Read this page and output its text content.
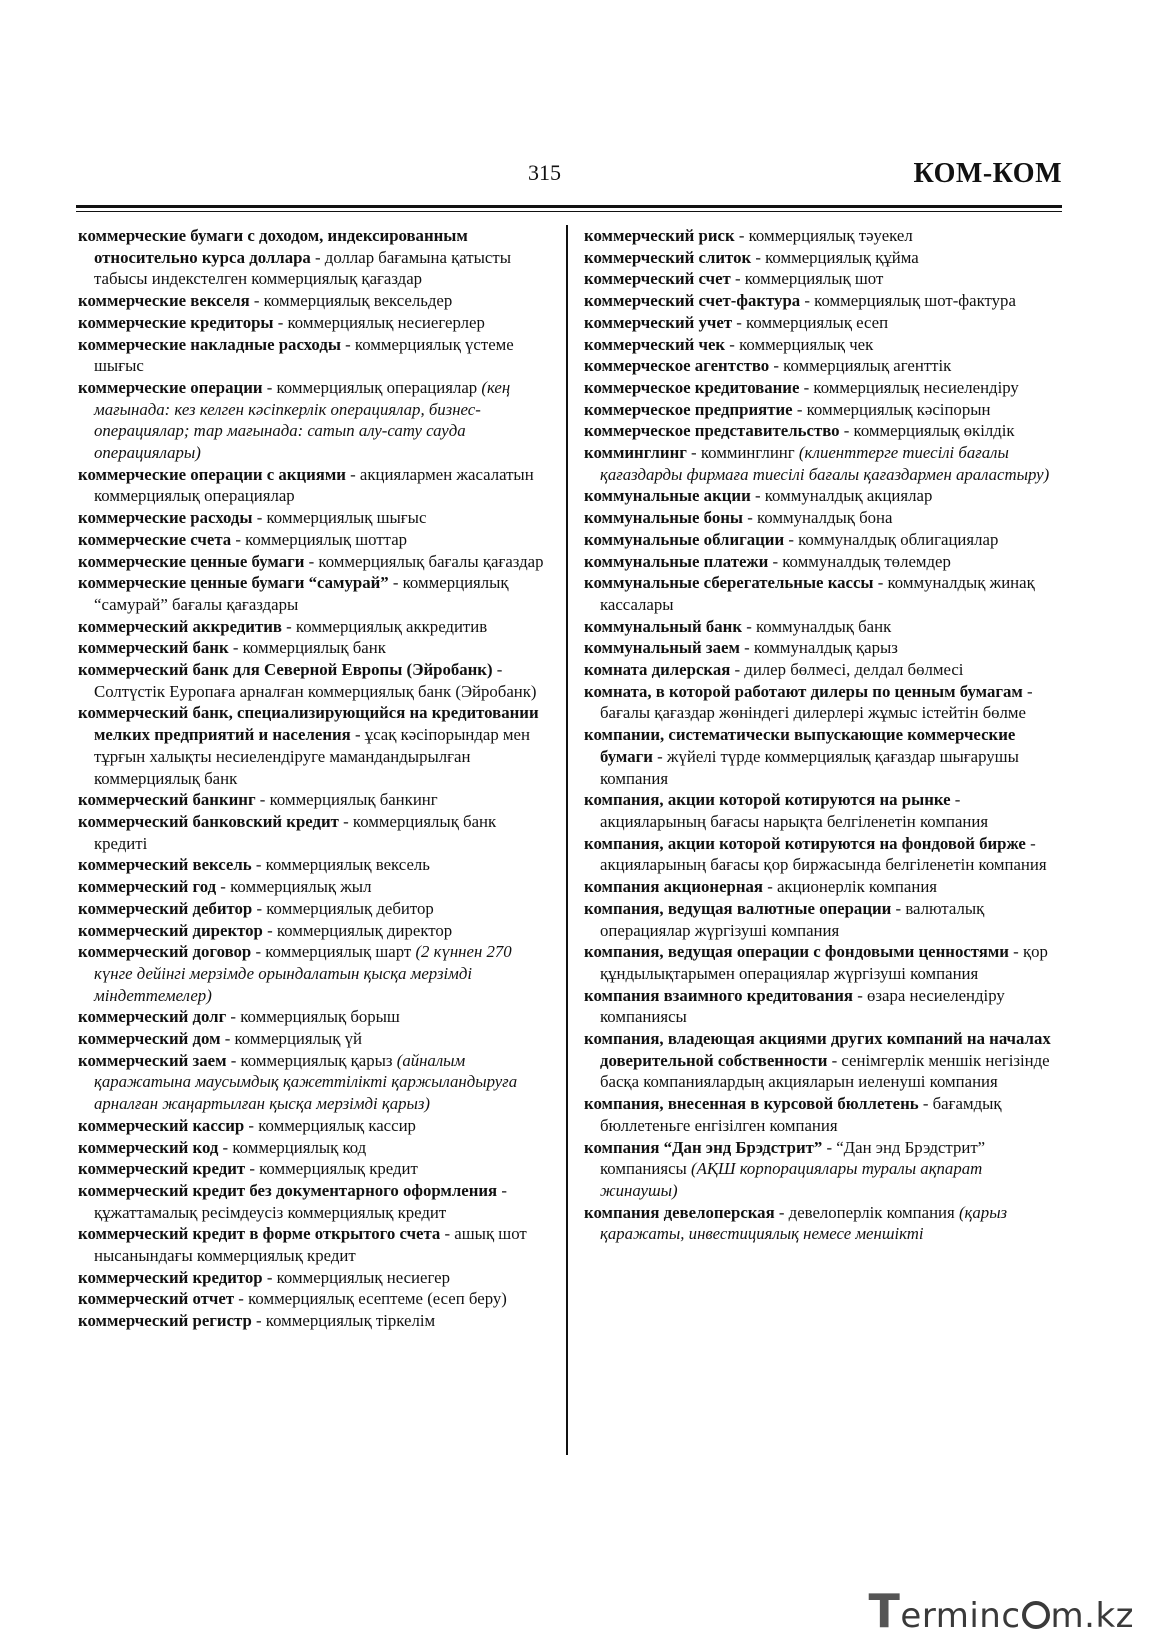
315	КОМ-КОМ

коммерческие бумаги с доходом, индексированным относительно курса доллара - доллар бағамына қатысты табысы индекстелген коммерциялық қағаздар

коммерческие векселя - коммерциялық вексельдер

коммерческие кредиторы - коммерциялық несиегерлер

коммерческие накладные расходы - коммерциялық үстеме шығыс

коммерческие операции - коммерциялық операциялар (кең мағынада: кез келген кәсіпкерлік операциялар, бизнес-операциялар; тар мағынада: сатып алу-сату сауда операциялары)

коммерческие операции с акциями - акциялармен жасалатын коммерциялық операциялар

коммерческие расходы - коммерциялық шығыс

коммерческие счета - коммерциялық шоттар

коммерческие ценные бумаги - коммерциялық бағалы қағаздар

коммерческие ценные бумаги “самурай” - коммерциялық “самурай” бағалы қағаздары

коммерческий аккредитив - коммерциялық аккредитив

коммерческий банк - коммерциялық банк

коммерческий банк для Северной Европы (Эйробанк) - Солтүстік Еуропаға арналған коммерциялық банк (Эйробанк)

коммерческий банк, специализирующийся на кредитовании мелких предприятий и населения - ұсақ кәсіпорындар мен тұрғын халықты несиелендіруге мамандандырылған коммерциялық банк

коммерческий банкинг - коммерциялық банкинг

коммерческий банковский кредит - коммерциялық банк кредиті

коммерческий вексель - коммерциялық вексель

коммерческий год - коммерциялық жыл

коммерческий дебитор - коммерциялық дебитор

коммерческий директор - коммерциялық директор

коммерческий договор - коммерциялық шарт (2 күннен 270 күнге дейінгі мерзімде орындалатын қысқа мерзімді міндеттемелер)

коммерческий долг - коммерциялық борыш

коммерческий дом - коммерциялық үй

коммерческий заем - коммерциялық қарыз (айналым қаражатына маусымдық қажеттілікті қаржыландыруға арналған жаңартылған қысқа мерзімді қарыз)

коммерческий кассир - коммерциялық кассир

коммерческий код - коммерциялық код

коммерческий кредит - коммерциялық кредит

коммерческий кредит без документарного оформления - құжаттамалық ресімдеусіз коммерциялық кредит

коммерческий кредит в форме открытого счета - ашық шот нысанындағы коммерциялық кредит

коммерческий кредитор - коммерциялық несиегер

коммерческий отчет - коммерциялық есептеме (есеп беру)

коммерческий регистр - коммерциялық тіркелім

коммерческий риск - коммерциялық тәуекел

коммерческий слиток - коммерциялық құйма

коммерческий счет - коммерциялық шот

коммерческий счет-фактура - коммерциялық шот-фактура

коммерческий учет - коммерциялық есеп

коммерческий чек - коммерциялық чек

коммерческое агентство - коммерциялық агенттік

коммерческое кредитование - коммерциялық несиелендіру

коммерческое предприятие - коммерциялық кәсіпорын

коммерческое представительство - коммерциялық өкілдік

комминглинг - комминглинг (клиенттерге тиесілі бағалы қағаздарды фирмаға тиесілі бағалы қағаздармен араластыру)

коммунальные акции - коммуналдық акциялар

коммунальные боны - коммуналдық бона

коммунальные облигации - коммуналдық облигациялар

коммунальные платежи - коммуналдық төлемдер

коммунальные сберегательные кассы - коммуналдық жинақ кассалары

коммунальный банк - коммуналдық банк

коммунальный заем - коммуналдық қарыз

комната дилерская - дилер бөлмесі, делдал бөлмесі

комната, в которой работают дилеры по ценным бумагам - бағалы қағаздар жөніндегі дилерлері жұмыс істейтін бөлме

компании, систематически выпускающие коммерческие бумаги - жүйелі түрде коммерциялық қағаздар шығарушы компания

компания, акции которой котируются на рынке - акцияларының бағасы нарықта белгіленетін компания

компания, акции которой котируются на фондовой бирже - акцияларының бағасы қор биржасында белгіленетін компания

компания акционерная - акционерлік компания

компания, ведущая валютные операции - валюталық операциялар жүргізуші компания

компания, ведущая операции с фондовыми ценностями - қор құндылықтарымен операциялар жүргізуші компания

компания взаимного кредитования - өзара несиелендіру компаниясы

компания, владеющая акциями других компаний на началах доверительной собственности - сенімгерлік меншік негізінде басқа компаниялардың акцияларын иеленуші компания

компания, внесенная в курсовой бюллетень - бағамдық бюллетеньге енгізілген компания

компания “Дан энд Брэдстрит” - “Дан энд Брэдстрит” компаниясы (АҚШ корпорациялары туралы ақпарат жинаушы)

компания девелоперская - девелоперлік компания (қарыз қаражаты, инвестициялық немесе меншікті

Terminc m.kz
